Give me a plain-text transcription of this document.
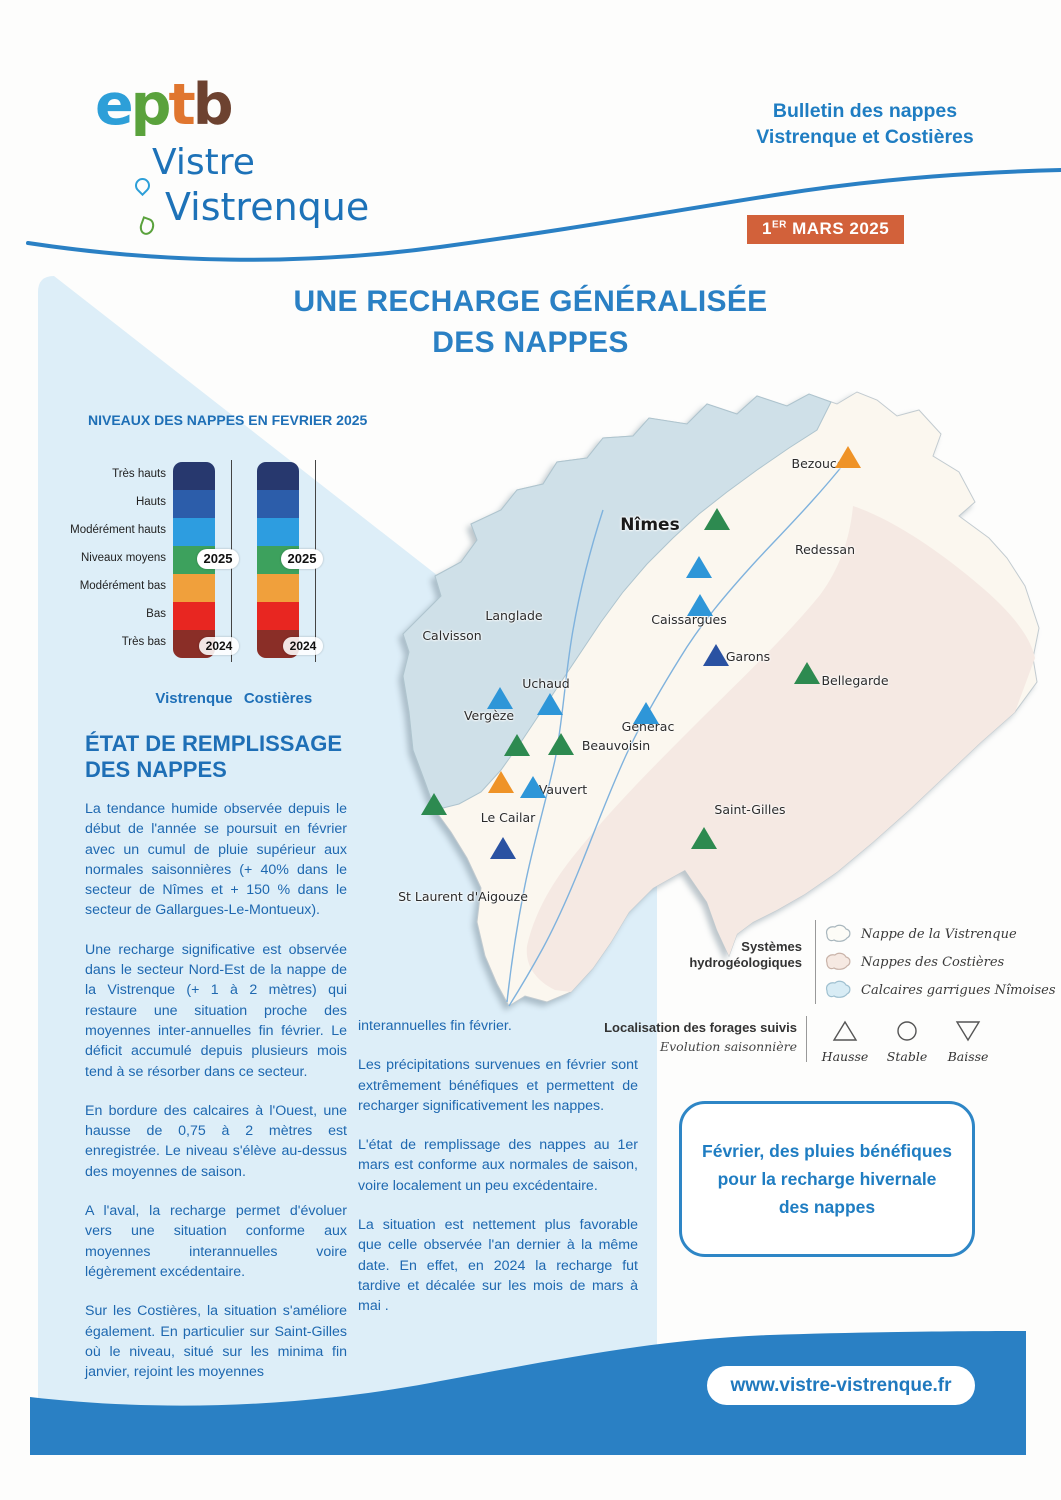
eptb
Vistre
Vistrenque
Bulletin des nappes
Vistrenque et Costières
1ER MARS 2025
UNE RECHARGE GÉNÉRALISÉE
DES NAPPES
NIVEAUX DES NAPPES EN FEVRIER 2025
Très hauts
Hauts
Modérément hauts
Niveaux moyens
Modérément bas
Bas
Très bas
2025
2024
Vistrenque
2025
2024
Costières
ÉTAT DE REMPLISSAGE
DES NAPPES

La tendance humide observée depuis le début de l'année se poursuit en février avec un cumul de pluie supérieur aux normales saisonnières (+ 40% dans le secteur de Nîmes et + 150 % dans le secteur de Gallargues-Le-Montueux).

Une recharge significative est observée dans le secteur Nord-Est de la nappe de la Vistrenque (+ 1 à 2 mètres) qui restaure une situation proche des moyennes inter-annuelles fin février. Le déficit accumulé depuis plusieurs mois tend à se résorber dans ce secteur.

En bordure des calcaires à l'Ouest, une hausse de 0,75 à 2 mètres est enregistrée. Le niveau s'élève au-dessus des moyennes de saison.

A l'aval, la recharge permet d'évoluer vers une situation conforme aux moyennes interannuelles voire légèrement excédentaire.

Sur les Costières, la situation s'améliore également. En particulier sur Saint-Gilles où le niveau, situé sur les minima fin janvier, rejoint les moyennes

interannuelles fin février.

Les précipitations survenues en février sont extrêmement bénéfiques et permettent de recharger significativement les nappes.

L'état de remplissage des nappes au 1er mars est conforme aux normales de saison, voire localement un peu excédentaire.

La situation est nettement plus favorable que celle observée l'an dernier à la même date. En effet, en 2024 la recharge fut tardive et décalée sur les mois de mars à mai .

Nîmes
Bezouce
Redessan
Caissargues
Garons
Bellegarde
Langlade
Calvisson
Uchaud
Vergèze
Générac
Beauvoisin
Vauvert
Le Cailar
Saint-Gilles
St Laurent d'Aigouze
Systèmes
hydrogéologiques
Nappe de la Vistrenque
Nappes des Costières
Calcaires garrigues Nîmoises
Localisation des forages suivis
Evolution saisonnière
Hausse	Stable	Baisse
Février, des pluies bénéfiques pour la recharge hivernale des nappes
www.vistre-vistrenque.fr
